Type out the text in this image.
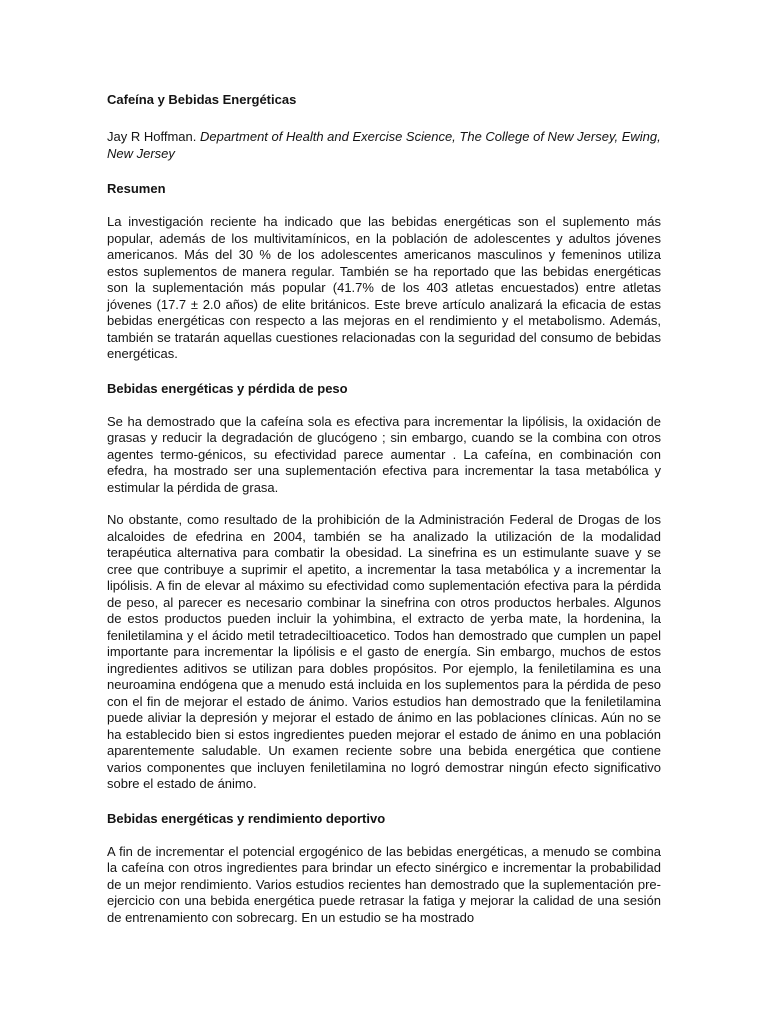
Cafeína y Bebidas Energéticas

Jay R Hoffman. Department of Health and Exercise Science, The College of New Jersey, Ewing, New Jersey

Resumen

La investigación reciente ha indicado que las bebidas energéticas son el suplemento más popular, además de los multivitamínicos, en la población de adolescentes y adultos jóvenes americanos. Más del 30 % de los adolescentes americanos masculinos y femeninos utiliza estos suplementos de manera regular. También se ha reportado que las bebidas energéticas son la suplementación más popular (41.7% de los 403 atletas encuestados) entre atletas jóvenes (17.7 ± 2.0 años) de elite británicos. Este breve artículo analizará la eficacia de estas bebidas energéticas con respecto a las mejoras en el rendimiento y el metabolismo. Además, también se tratarán aquellas cuestiones relacionadas con la seguridad del consumo de bebidas energéticas.

Bebidas energéticas y pérdida de peso

Se ha demostrado que la cafeína sola es efectiva para incrementar la lipólisis, la oxidación de grasas y reducir la degradación de glucógeno ; sin embargo, cuando se la combina con otros agentes termo-génicos, su efectividad parece aumentar . La cafeína, en combinación con efedra, ha mostrado ser una suplementación efectiva para incrementar la tasa metabólica y estimular la pérdida de grasa.

No obstante, como resultado de la prohibición de la Administración Federal de Drogas de los alcaloides de efedrina en 2004, también se ha analizado la utilización de la modalidad terapéutica alternativa para combatir la obesidad. La sinefrina es un estimulante suave y se cree que contribuye a suprimir el apetito, a incrementar la tasa metabólica y a incrementar la lipólisis. A fin de elevar al máximo su efectividad como suplementación efectiva para la pérdida de peso, al parecer es necesario combinar la sinefrina con otros productos herbales. Algunos de estos productos pueden incluir la yohimbina, el extracto de yerba mate, la hordenina, la feniletilamina y el ácido metil tetradeciltioacetico. Todos han demostrado que cumplen un papel importante para incrementar la lipólisis e el gasto de energía. Sin embargo, muchos de estos ingredientes aditivos se utilizan para dobles propósitos. Por ejemplo, la feniletilamina es una neuroamina endógena que a menudo está incluida en los suplementos para la pérdida de peso con el fin de mejorar el estado de ánimo. Varios estudios han demostrado que la feniletilamina puede aliviar la depresión y mejorar el estado de ánimo en las poblaciones clínicas. Aún no se ha establecido bien si estos ingredientes pueden mejorar el estado de ánimo en una población aparentemente saludable. Un examen reciente sobre una bebida energética que contiene varios componentes que incluyen feniletilamina no logró demostrar ningún efecto significativo sobre el estado de ánimo.

Bebidas energéticas y rendimiento deportivo

A fin de incrementar el potencial ergogénico de las bebidas energéticas, a menudo se combina la cafeína con otros ingredientes para brindar un efecto sinérgico e incrementar la probabilidad de un mejor rendimiento. Varios estudios recientes han demostrado que la suplementación pre-ejercicio con una bebida energética puede retrasar la fatiga y mejorar la calidad de una sesión de entrenamiento con sobrecarg. En un estudio se ha mostrado
